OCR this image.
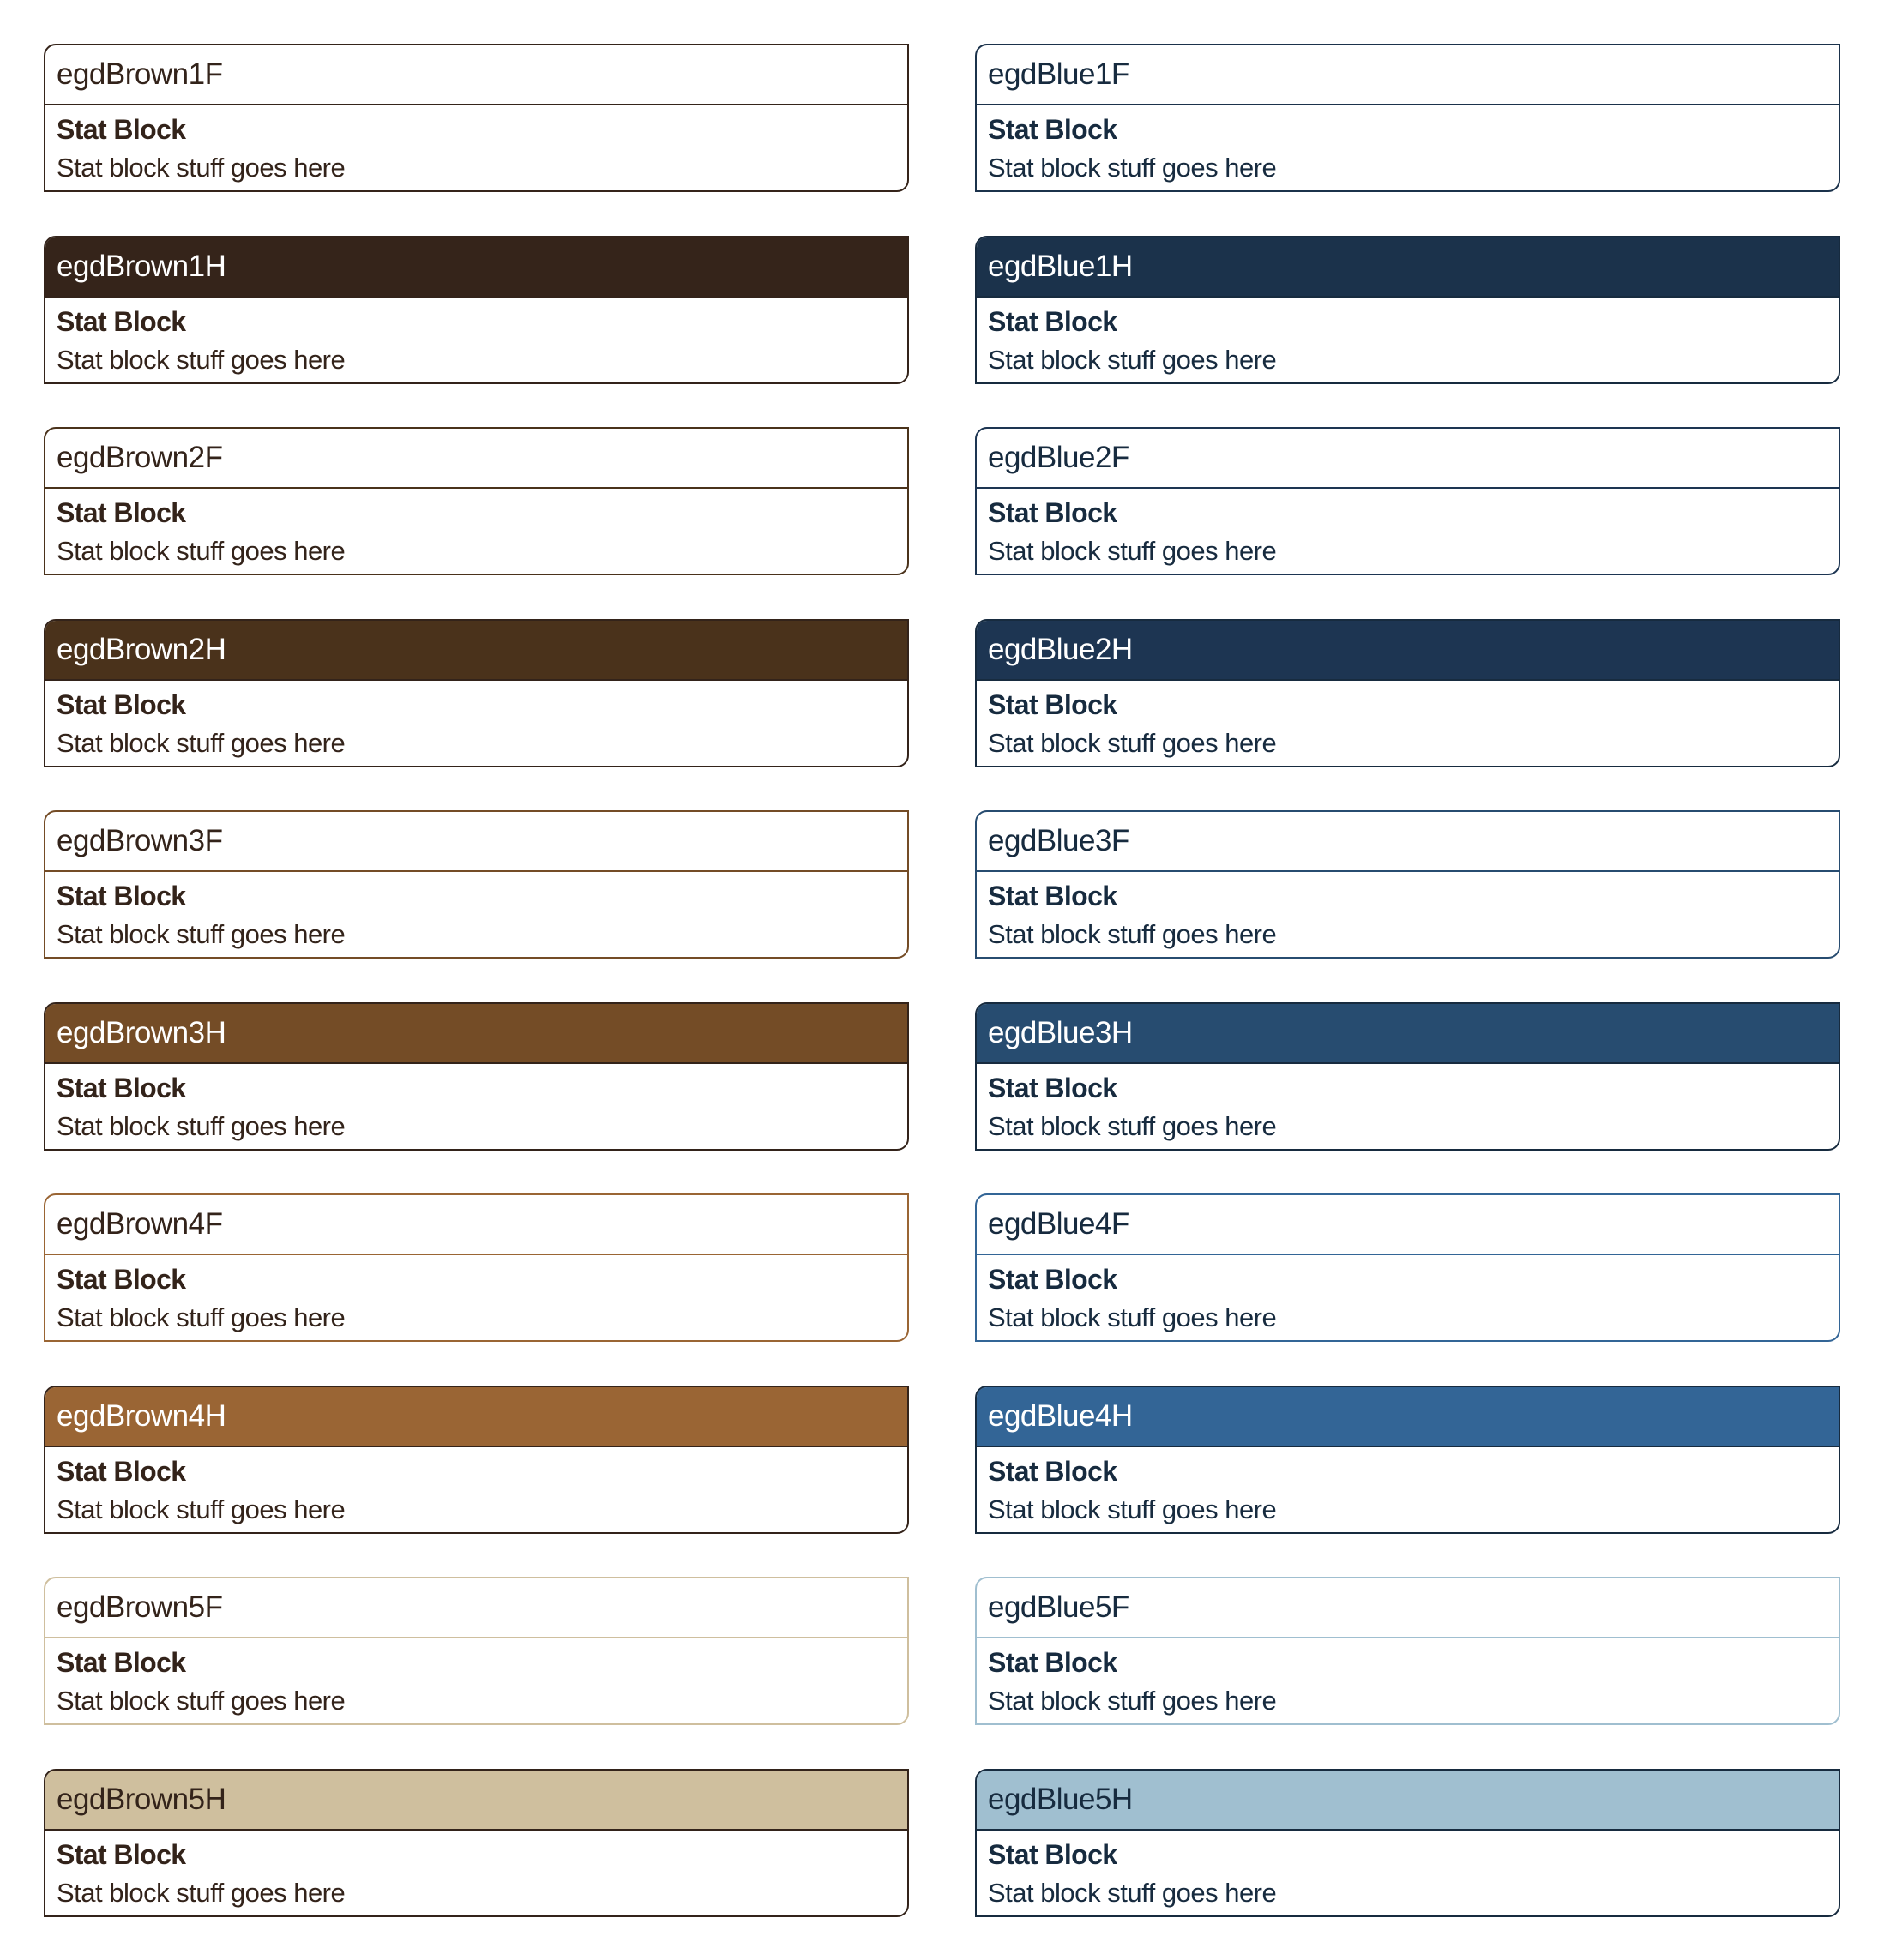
egdBrown1F
Stat Block
Stat block stuff goes here
egdBrown1H
Stat Block
Stat block stuff goes here
egdBrown2F
Stat Block
Stat block stuff goes here
egdBrown2H
Stat Block
Stat block stuff goes here
egdBrown3F
Stat Block
Stat block stuff goes here
egdBrown3H
Stat Block
Stat block stuff goes here
egdBrown4F
Stat Block
Stat block stuff goes here
egdBrown4H
Stat Block
Stat block stuff goes here
egdBrown5F
Stat Block
Stat block stuff goes here
egdBrown5H
Stat Block
Stat block stuff goes here
egdBlue1F
Stat Block
Stat block stuff goes here
egdBlue1H
Stat Block
Stat block stuff goes here
egdBlue2F
Stat Block
Stat block stuff goes here
egdBlue2H
Stat Block
Stat block stuff goes here
egdBlue3F
Stat Block
Stat block stuff goes here
egdBlue3H
Stat Block
Stat block stuff goes here
egdBlue4F
Stat Block
Stat block stuff goes here
egdBlue4H
Stat Block
Stat block stuff goes here
egdBlue5F
Stat Block
Stat block stuff goes here
egdBlue5H
Stat Block
Stat block stuff goes here
